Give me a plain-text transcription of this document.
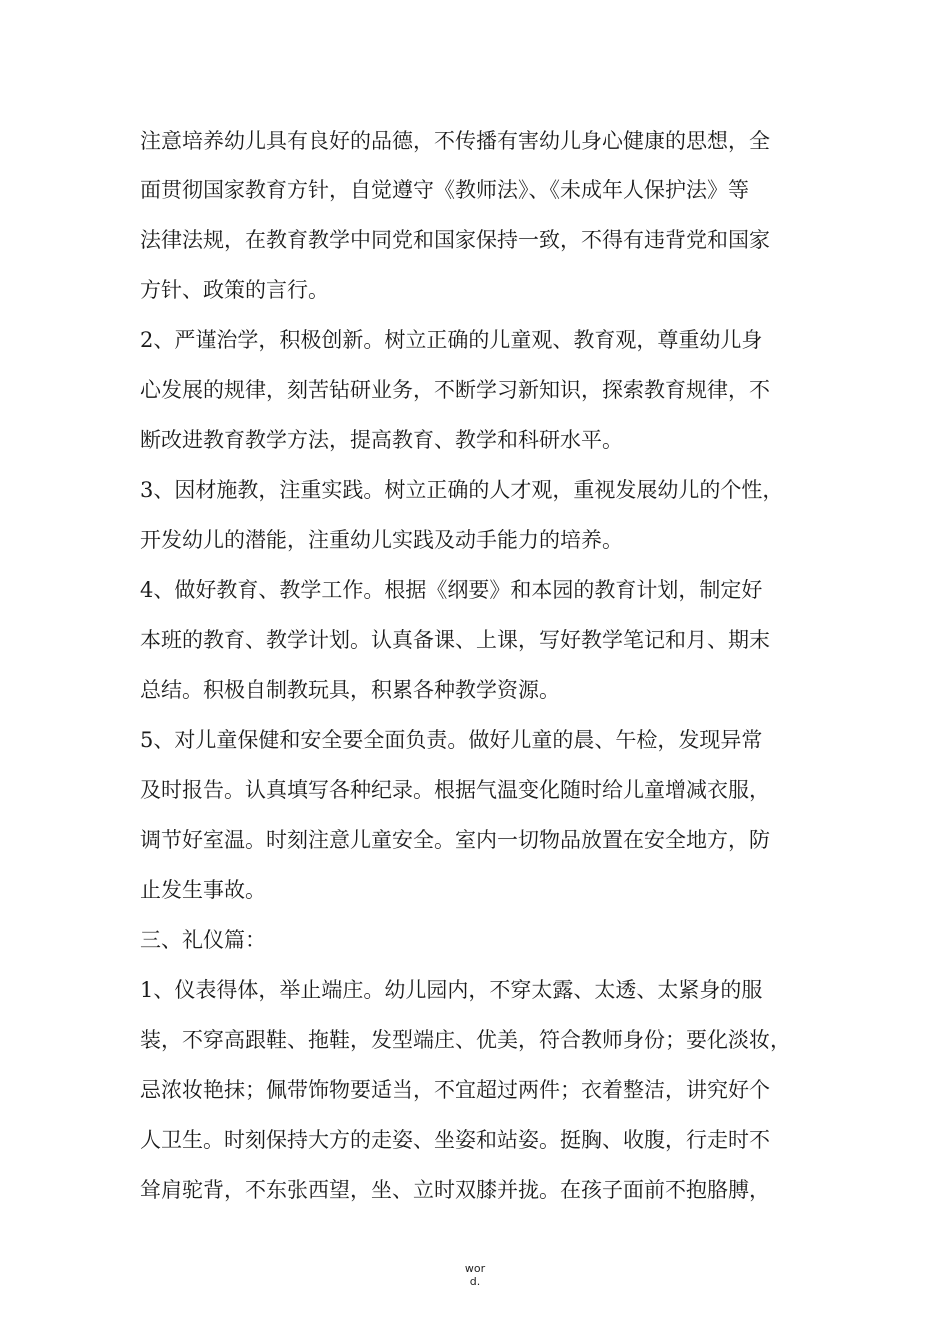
注意培养幼儿具有良好的品德，不传播有害幼儿身心健康的思想，全
面贯彻国家教育方针，自觉遵守《教师法》、《未成年人保护法》等
法律法规，在教育教学中同党和国家保持一致，不得有违背党和国家
方针、政策的言行。
2、严谨治学，积极创新。树立正确的儿童观、教育观，尊重幼儿身
心发展的规律，刻苦钻研业务，不断学习新知识，探索教育规律，不
断改进教育教学方法，提高教育、教学和科研水平。
3、因材施教，注重实践。树立正确的人才观，重视发展幼儿的个性，
开发幼儿的潜能，注重幼儿实践及动手能力的培养。
4、做好教育、教学工作。根据《纲要》和本园的教育计划，制定好
本班的教育、教学计划。认真备课、上课，写好教学笔记和月、期末
总结。积极自制教玩具，积累各种教学资源。
5、对儿童保健和安全要全面负责。做好儿童的晨、午检，发现异常
及时报告。认真填写各种纪录。根据气温变化随时给儿童增减衣服，
调节好室温。时刻注意儿童安全。室内一切物品放置在安全地方，防
止发生事故。
三、礼仪篇：
1、仪表得体，举止端庄。幼儿园内，不穿太露、太透、太紧身的服
装，不穿高跟鞋、拖鞋，发型端庄、优美，符合教师身份；要化淡妆，
忌浓妆艳抹；佩带饰物要适当，不宜超过两件；衣着整洁，讲究好个
人卫生。时刻保持大方的走姿、坐姿和站姿。挺胸、收腹，行走时不
耸肩驼背，不东张西望，坐、立时双膝并拢。在孩子面前不抱胳膊，
wor
d.
